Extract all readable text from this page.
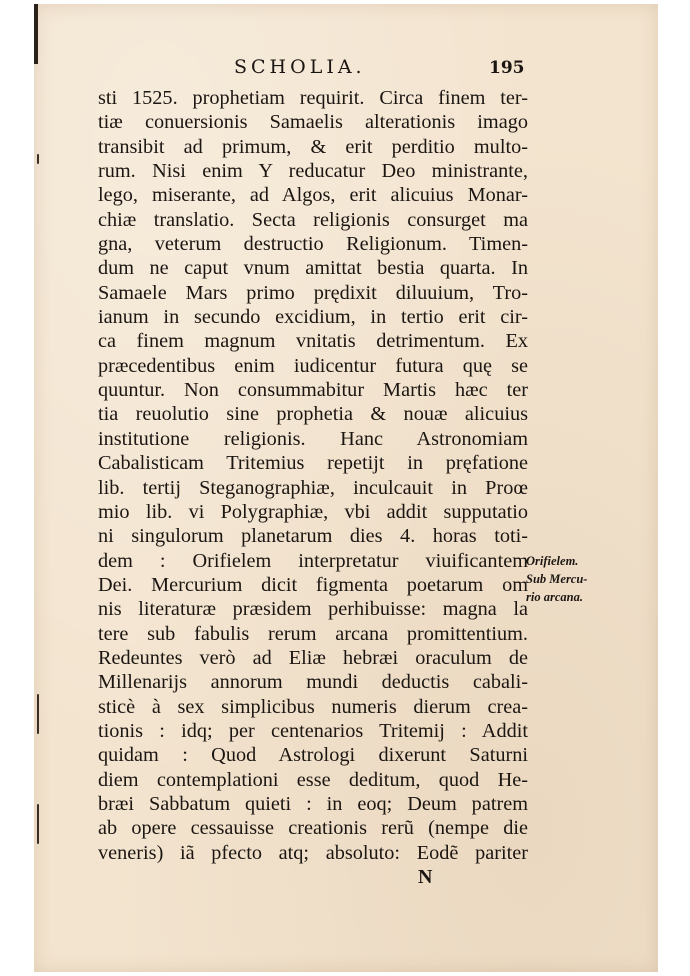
SCHOLIA.	195
sti 1525. prophetiam requirit. Circa finem ter-
tiæ conuersionis Samaelis alterationis imago
transibit ad primum, & erit perditio multo-
rum. Nisi enim Y reducatur Deo ministrante,
lego, miserante, ad Algos, erit alicuius Monar-
chiæ translatio. Secta religionis consurget ma
gna, veterum destructio Religionum. Timen-
dum ne caput vnum amittat bestia quarta. In
Samaele Mars primo prędixit diluuium, Tro-
ianum in secundo excidium, in tertio erit cir-
ca finem magnum vnitatis detrimentum. Ex
præcedentibus enim iudicentur futura quę se
quuntur. Non consummabitur Martis hæc ter
tia reuolutio sine prophetia & nouæ alicuius
institutione religionis. Hanc Astronomiam
Cabalisticam Tritemius repetijt in pręfatione
lib. tertij Steganographiæ, inculcauit in Proœ
mio lib. vi Polygraphiæ, vbi addit supputatio
ni singulorum planetarum dies 4. horas toti-
dem : Orifielem interpretatur viuificantem
Dei. Mercurium dicit figmenta poetarum om
nis literaturæ præsidem perhibuisse: magna la
tere sub fabulis rerum arcana promittentium.
Redeuntes verò ad Eliæ hebræi oraculum de
Millenarijs annorum mundi deductis cabali-
sticè à sex simplicibus numeris dierum crea-
tionis : idq; per centenarios Tritemij : Addit
quidam : Quod Astrologi dixerunt Saturni
diem contemplationi esse deditum, quod He-
bræi Sabbatum quieti : in eoq; Deum patrem
ab opere cessauisse creationis rerũ (nempe die
veneris) iã pfecto atq; absoluto: Eodẽ pariter
Orifielem.
Sub Mercu-
rio arcana.
N
